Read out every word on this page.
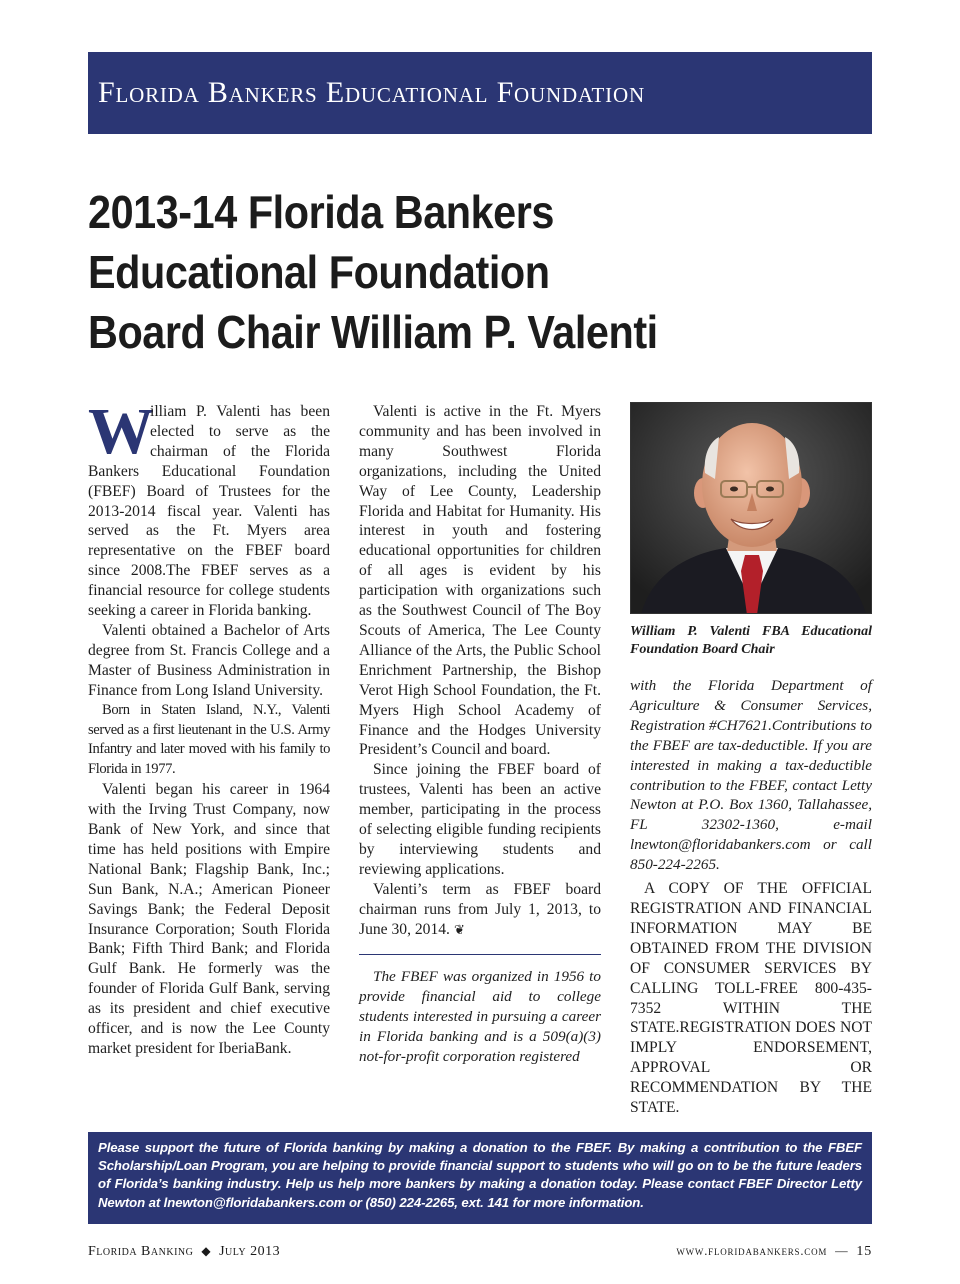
Florida Bankers Educational Foundation
2013-14 Florida Bankers
Educational Foundation
Board Chair William P. Valenti

W
illiam P. Valenti has been elected to serve as the chairman of the Florida Bankers Educational Foundation (FBEF) Board of Trustees for the 2013-2014 fiscal year. Valenti has served as the Ft. Myers area representative on the FBEF board since 2008.The FBEF serves as a financial resource for college students seeking a career in Florida banking.

Valenti obtained a Bachelor of Arts degree from St. Francis College and a Master of Business Administration in Finance from Long Island University.

Born in Staten Island, N.Y., Valenti served as a first lieutenant in the U.S. Army Infantry and later moved with his family to Florida in 1977.

Valenti began his career in 1964 with the Irving Trust Company, now Bank of New York, and since that time has held positions with Empire National Bank; Flagship Bank, Inc.; Sun Bank, N.A.; American Pioneer Savings Bank; the Federal Deposit Insurance Corporation; South Florida Bank; Fifth Third Bank; and Florida Gulf Bank. He formerly was the founder of Florida Gulf Bank, serving as its president and chief executive officer, and is now the Lee County market president for IberiaBank.

Valenti is active in the Ft. Myers community and has been involved in many Southwest Florida organizations, including the United Way of Lee County, Leadership Florida and Habitat for Humanity. His interest in youth and fostering educational opportunities for children of all ages is evident by his participation with organizations such as the Southwest Council of The Boy Scouts of America, The Lee County Alliance of the Arts, the Public School Enrichment Partnership, the Bishop Verot High School Foundation, the Ft. Myers High School Academy of Finance and the Hodges University President’s Council and board.

Since joining the FBEF board of trustees, Valenti has been an active member, participating in the process of selecting eligible funding recipients by interviewing students and reviewing applications.

Valenti’s term as FBEF board chairman runs from July 1, 2013, to June 30, 2014. ❦

The FBEF was organized in 1956 to provide financial aid to college students interested in pursuing a career in Florida banking and is a 509(a)(3) not-for-profit corporation registered

William P. Valenti FBA Educational Foundation Board Chair

with the Florida Department of Agriculture & Consumer Services, Registration #CH7621.Contributions to the FBEF are tax-deductible. If you are interested in making a tax-deductible contribution to the FBEF, contact Letty Newton at P.O. Box 1360, Tallahassee, FL 32302-1360, e-mail lnewton@floridabankers.com or call 850-224-2265.

A COPY OF THE OFFICIAL REGISTRATION AND FINANCIAL INFORMATION MAY BE OBTAINED FROM THE DIVISION OF CONSUMER SERVICES BY CALLING TOLL-FREE 800-435-7352 WITHIN THE STATE.REGISTRATION DOES NOT IMPLY ENDORSEMENT, APPROVAL OR RECOMMENDATION BY THE STATE.

Please support the future of Florida banking by making a donation to the FBEF. By making a contribution to the FBEF Scholarship/Loan Program, you are helping to provide financial support to students who will go on to be the future leaders of Florida’s banking industry. Help us help more bankers by making a donation today. Please contact FBEF Director Letty Newton at lnewton@floridabankers.com or (850) 224-2265, ext. 141 for more information.

Florida Banking ◆ July 2013	www.floridabankers.com — 15
